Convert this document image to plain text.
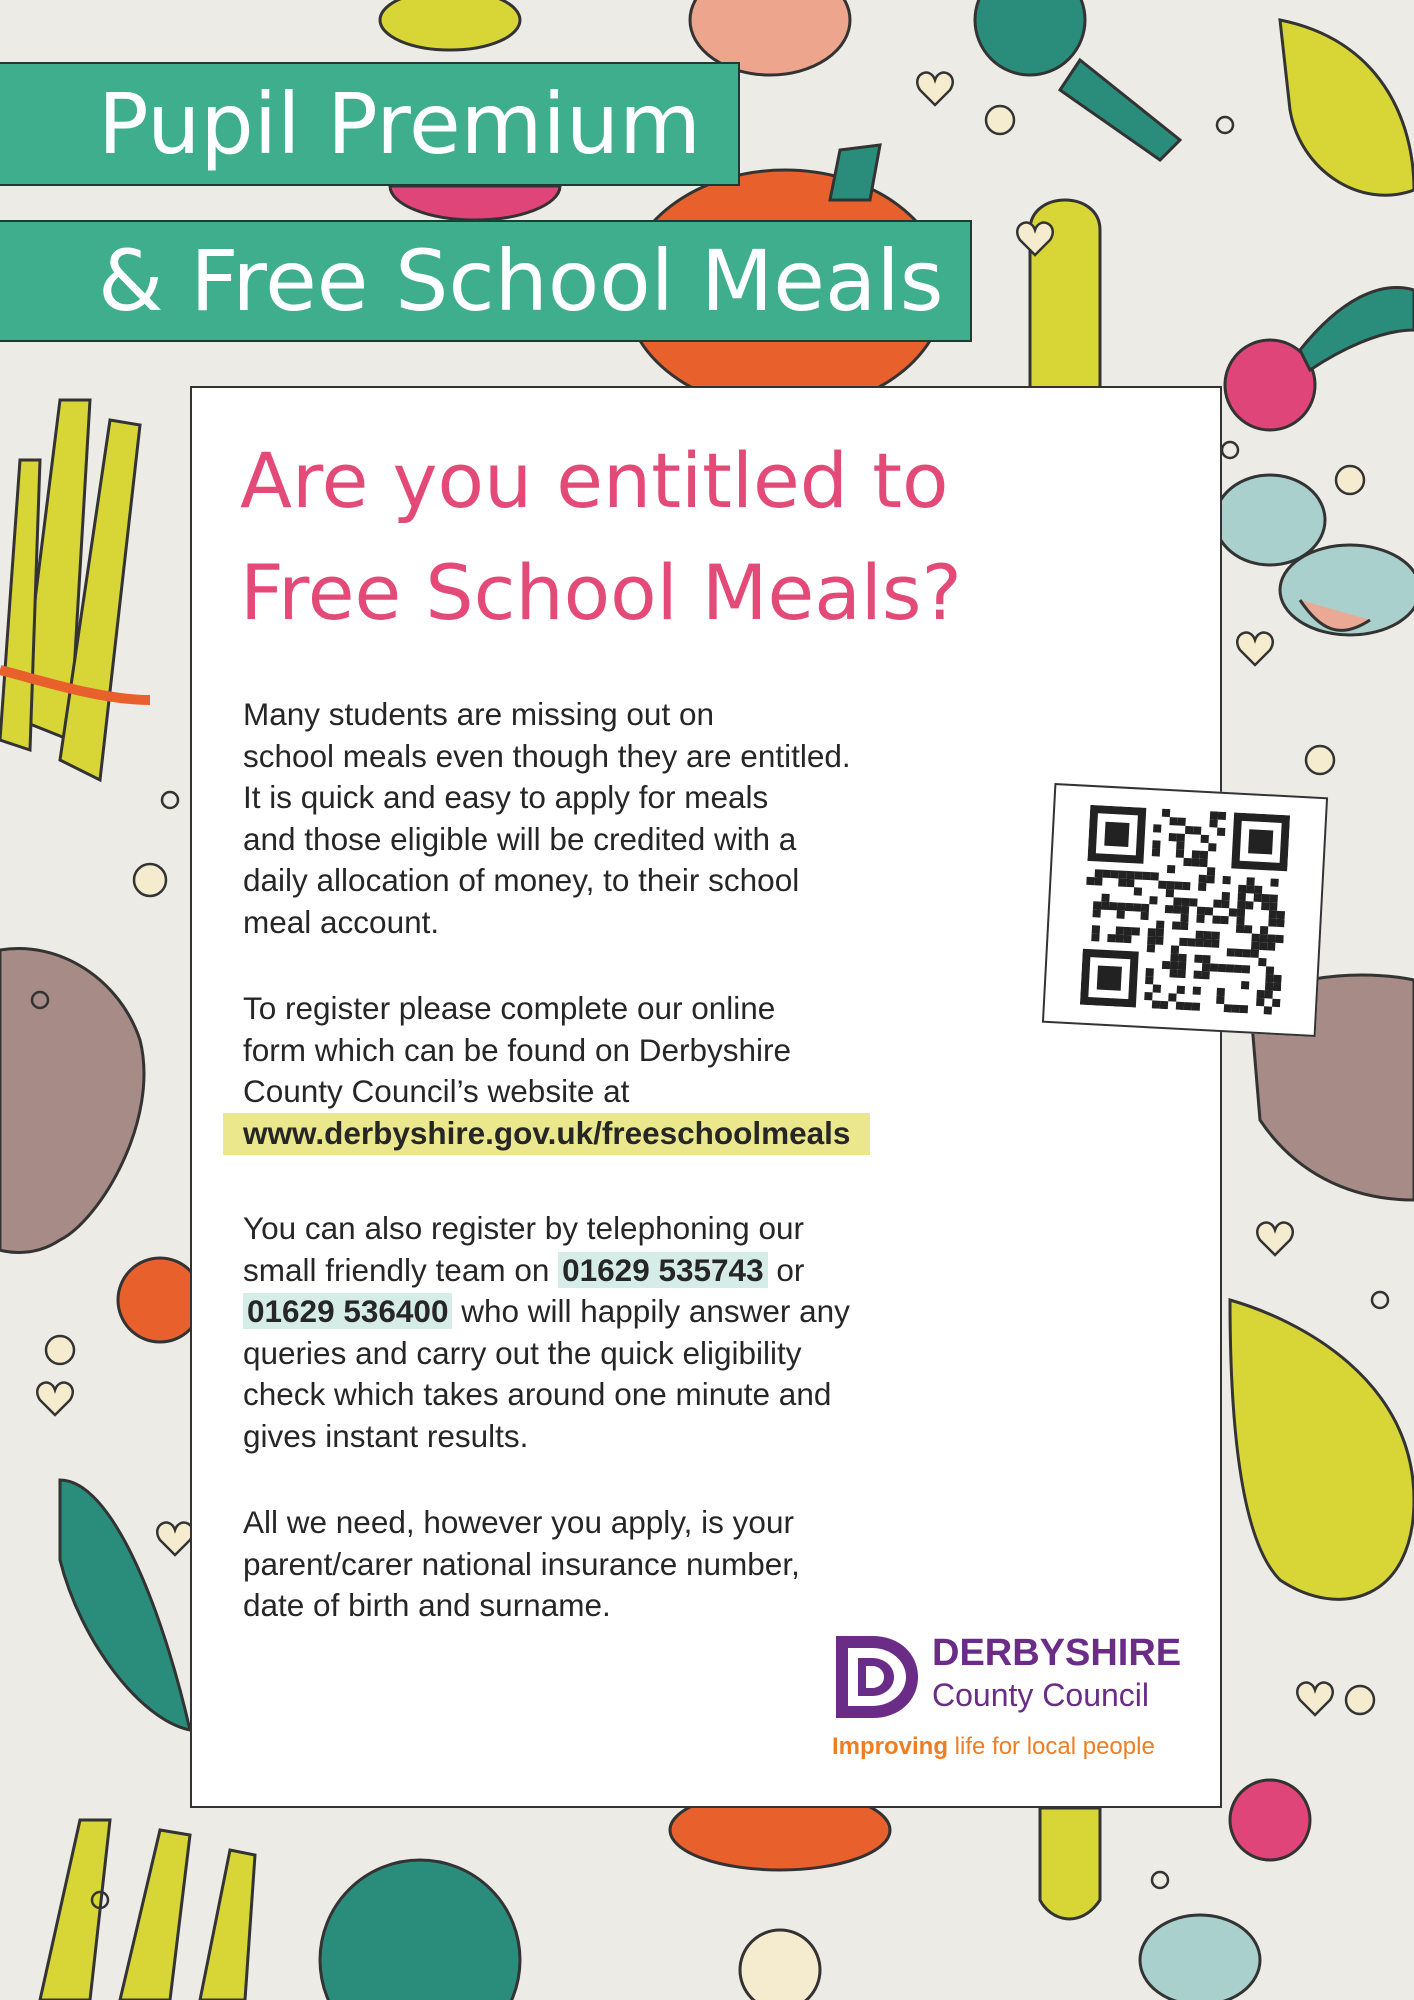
Pupil Premium
& Free School Meals
Are you entitled to
Free School Meals?

Many students are missing out on
school meals even though they are entitled.
It is quick and easy to apply for meals
and those eligible will be credited with a
daily allocation of money, to their school
meal account.

To register please complete our online
form which can be found on Derbyshire
County Council’s website at
www.derbyshire.gov.uk/freeschoolmeals

You can also register by telephoning our
small friendly team on 01629 535743 or
01629 536400 who will happily answer any
queries and carry out the quick eligibility
check which takes around one minute and
gives instant results.

All we need, however you apply, is your
parent/carer national insurance number,
date of birth and surname.

DERBYSHIRE
County Council
Improving life for local people
